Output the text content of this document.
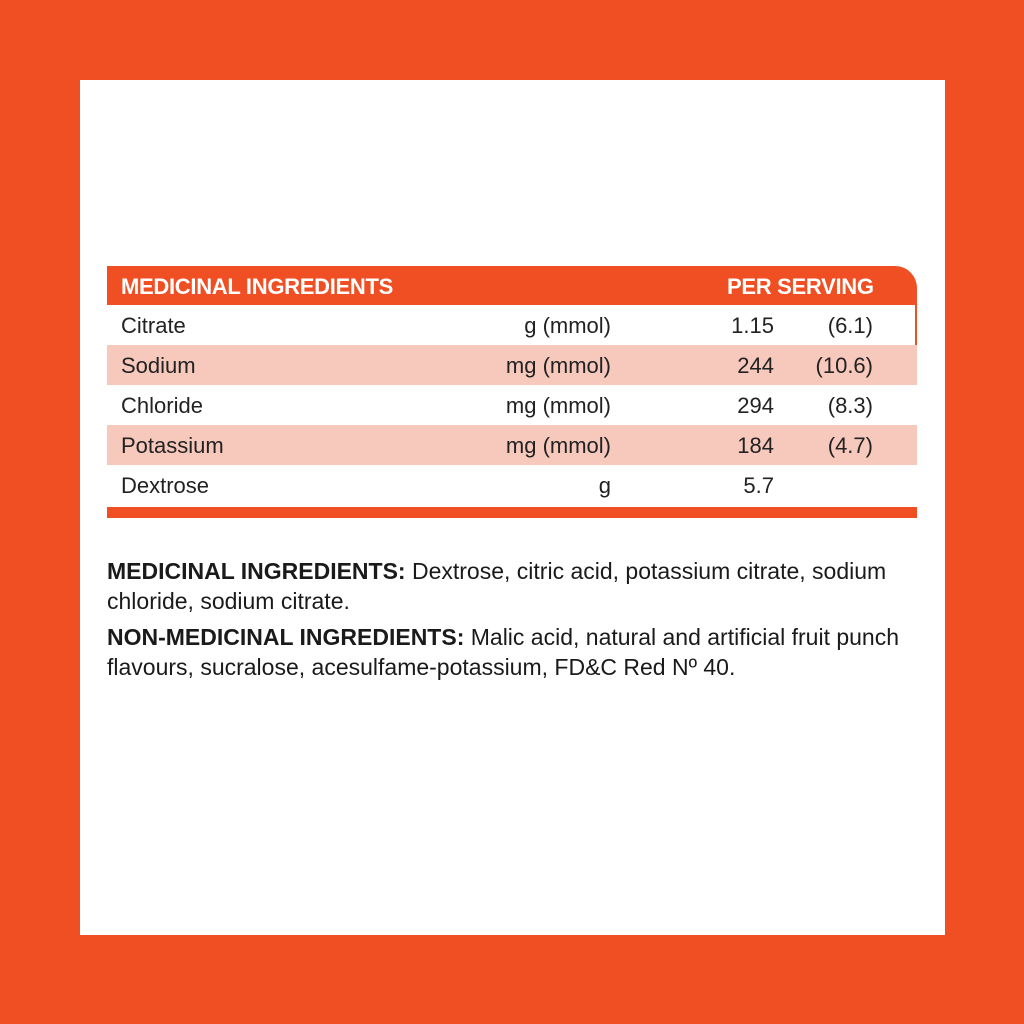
MEDICINAL INGREDIENTS	PER SERVING
Citrate	g (mmol)	1.15 (6.1)
Sodium	mg (mmol)	244 (10.6)
Chloride	mg (mmol)	294 (8.3)
Potassium	mg (mmol)	184 (4.7)
Dextrose	g	5.7

MEDICINAL INGREDIENTS: Dextrose, citric acid, potassium citrate, sodium chloride, sodium citrate.

NON-MEDICINAL INGREDIENTS: Malic acid, natural and artificial fruit punch flavours, sucralose, acesulfame-potassium, FD&C Red Nº 40.
